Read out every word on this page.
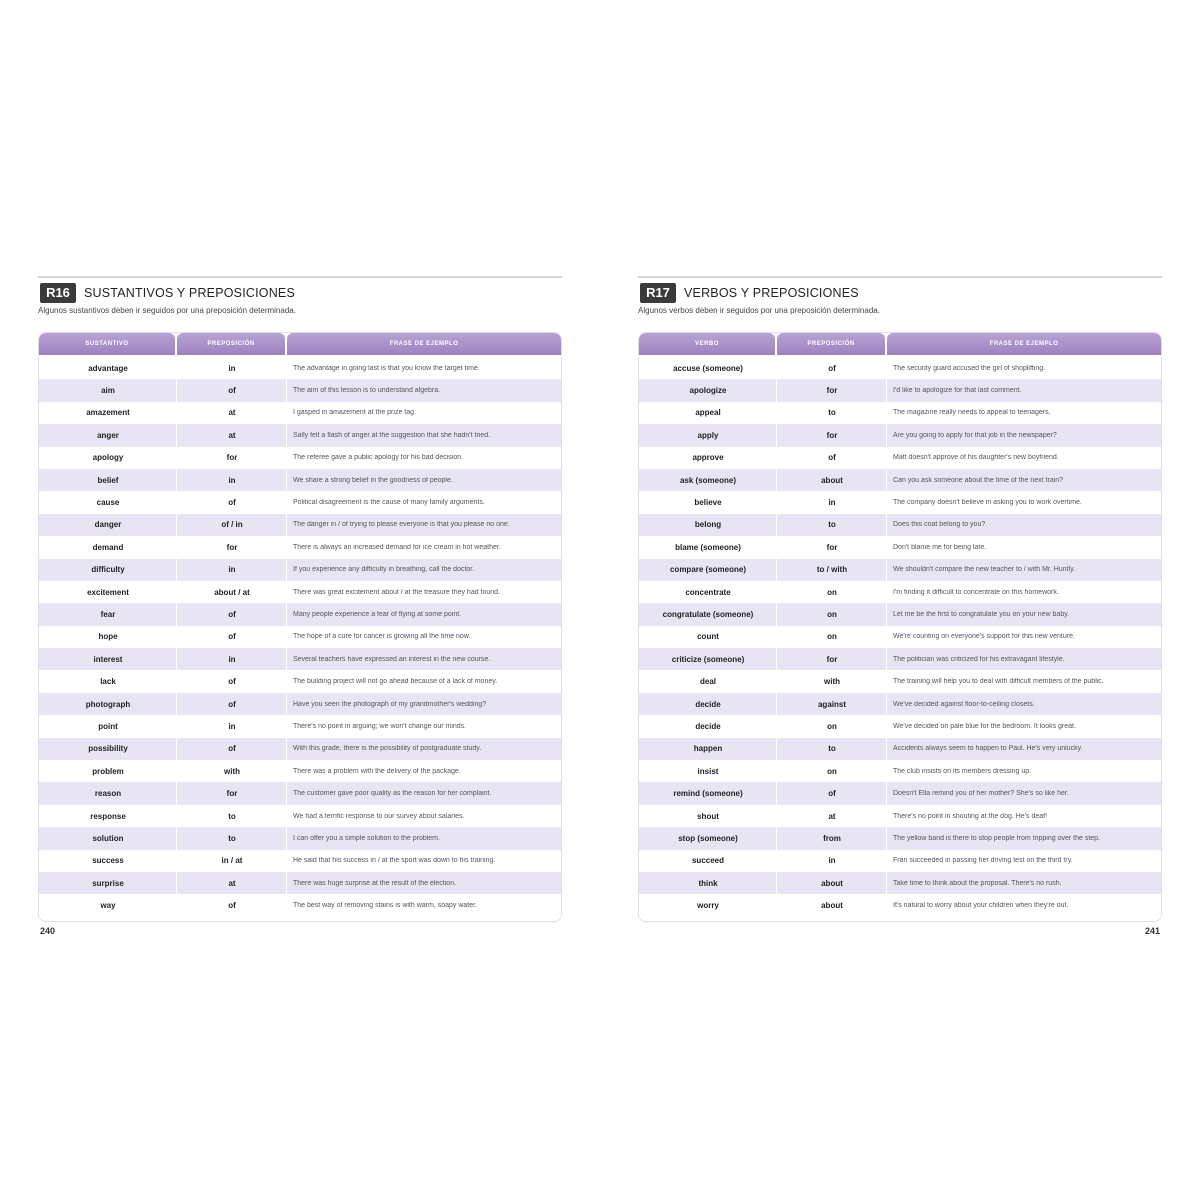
R16	SUSTANTIVOS Y PREPOSICIONES
Algunos sustantivos deben ir seguidos por una preposición determinada.
SUSTANTIVO	PREPOSICIÓN	FRASE DE EJEMPLO
advantage	in	The advantage in going last is that you know the target time.
aim	of	The aim of this lesson is to understand algebra.
amazement	at	I gasped in amazement at the prize tag.
anger	at	Sally felt a flash of anger at the suggestion that she hadn't tried.
apology	for	The referee gave a public apology for his bad decision.
belief	in	We share a strong belief in the goodness of people.
cause	of	Political disagreement is the cause of many family arguments.
danger	of / in	The danger in / of trying to please everyone is that you please no one.
demand	for	There is always an increased demand for ice cream in hot weather.
difficulty	in	If you experience any difficulty in breathing, call the doctor.
excitement	about / at	There was great excitement about / at the treasure they had found.
fear	of	Many people experience a fear of flying at some point.
hope	of	The hope of a cure for cancer is growing all the time now.
interest	in	Several teachers have expressed an interest in the new course.
lack	of	The building project will not go ahead because of a lack of money.
photograph	of	Have you seen the photograph of my grandmother's wedding?
point	in	There's no point in arguing; we won't change our minds.
possibility	of	With this grade, there is the possibility of postgraduate study.
problem	with	There was a problem with the delivery of the package.
reason	for	The customer gave poor quality as the reason for her complaint.
response	to	We had a terrific response to our survey about salaries.
solution	to	I can offer you a simple solution to the problem.
success	in / at	He said that his success in / at the sport was down to his training.
surprise	at	There was huge surprise at the result of the election.
way	of	The best way of removing stains is with warm, soapy water.
240
R17	VERBOS Y PREPOSICIONES
Algunos verbos deben ir seguidos por una preposición determinada.
VERBO	PREPOSICIÓN	FRASE DE EJEMPLO
accuse (someone)	of	The security guard accused the girl of shoplifting.
apologize	for	I'd like to apologize for that last comment.
appeal	to	The magazine really needs to appeal to teenagers.
apply	for	Are you going to apply for that job in the newspaper?
approve	of	Matt doesn't approve of his daughter's new boyfriend.
ask (someone)	about	Can you ask someone about the time of the next train?
believe	in	The company doesn't believe in asking you to work overtime.
belong	to	Does this coat belong to you?
blame (someone)	for	Don't blame me for being late.
compare (someone)	to / with	We shouldn't compare the new teacher to / with Mr. Huntly.
concentrate	on	I'm finding it difficult to concentrate on this homework.
congratulate (someone)	on	Let me be the first to congratulate you on your new baby.
count	on	We're counting on everyone's support for this new venture.
criticize (someone)	for	The politician was criticized for his extravagant lifestyle.
deal	with	The training will help you to deal with difficult members of the public.
decide	against	We've decided against floor-to-ceiling closets.
decide	on	We've decided on pale blue for the bedroom. It looks great.
happen	to	Accidents always seem to happen to Paul. He's very unlucky.
insist	on	The club insists on its members dressing up.
remind (someone)	of	Doesn't Ella remind you of her mother? She's so like her.
shout	at	There's no point in shouting at the dog. He's deaf!
stop (someone)	from	The yellow band is there to stop people from tripping over the step.
succeed	in	Fran succeeded in passing her driving test on the third try.
think	about	Take time to think about the proposal. There's no rush.
worry	about	It's natural to worry about your children when they're out.
241
